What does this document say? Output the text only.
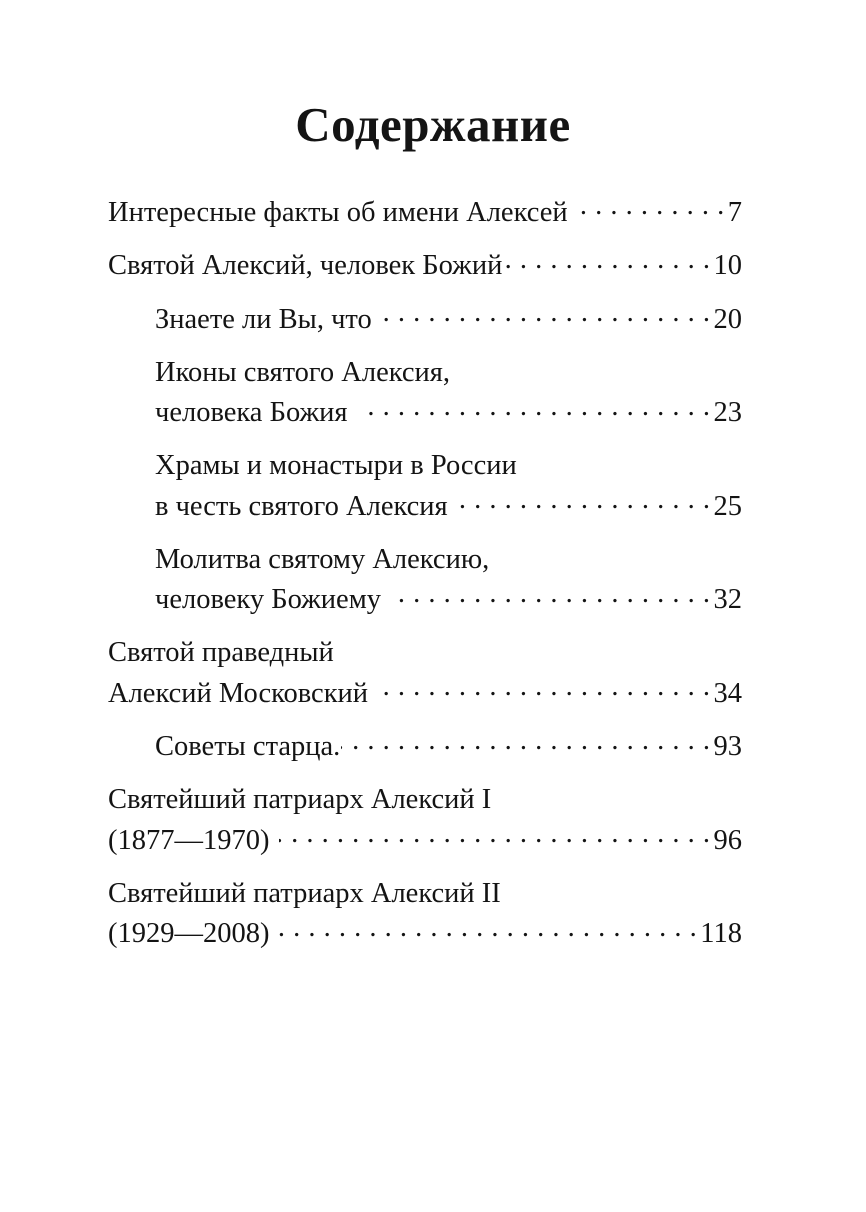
Содержание
Интересные факты об имени Алексей . . .	7
Святой Алексий, человек Божий . . .	10
Знаете ли Вы, что . . .	20
Иконы святого Алексия,
человека Божия . . .	23
Храмы и монастыри в России
в честь святого Алексия . . .	25
Молитва святому Алексию,
человеку Божиему . . .	32
Святой праведный
Алексий Московский . . .	34
Советы старца. . . .	93
Святейший патриарх Алексий I
(1877—1970) . . .	96
Святейший патриарх Алексий II
(1929—2008) . . .	118
